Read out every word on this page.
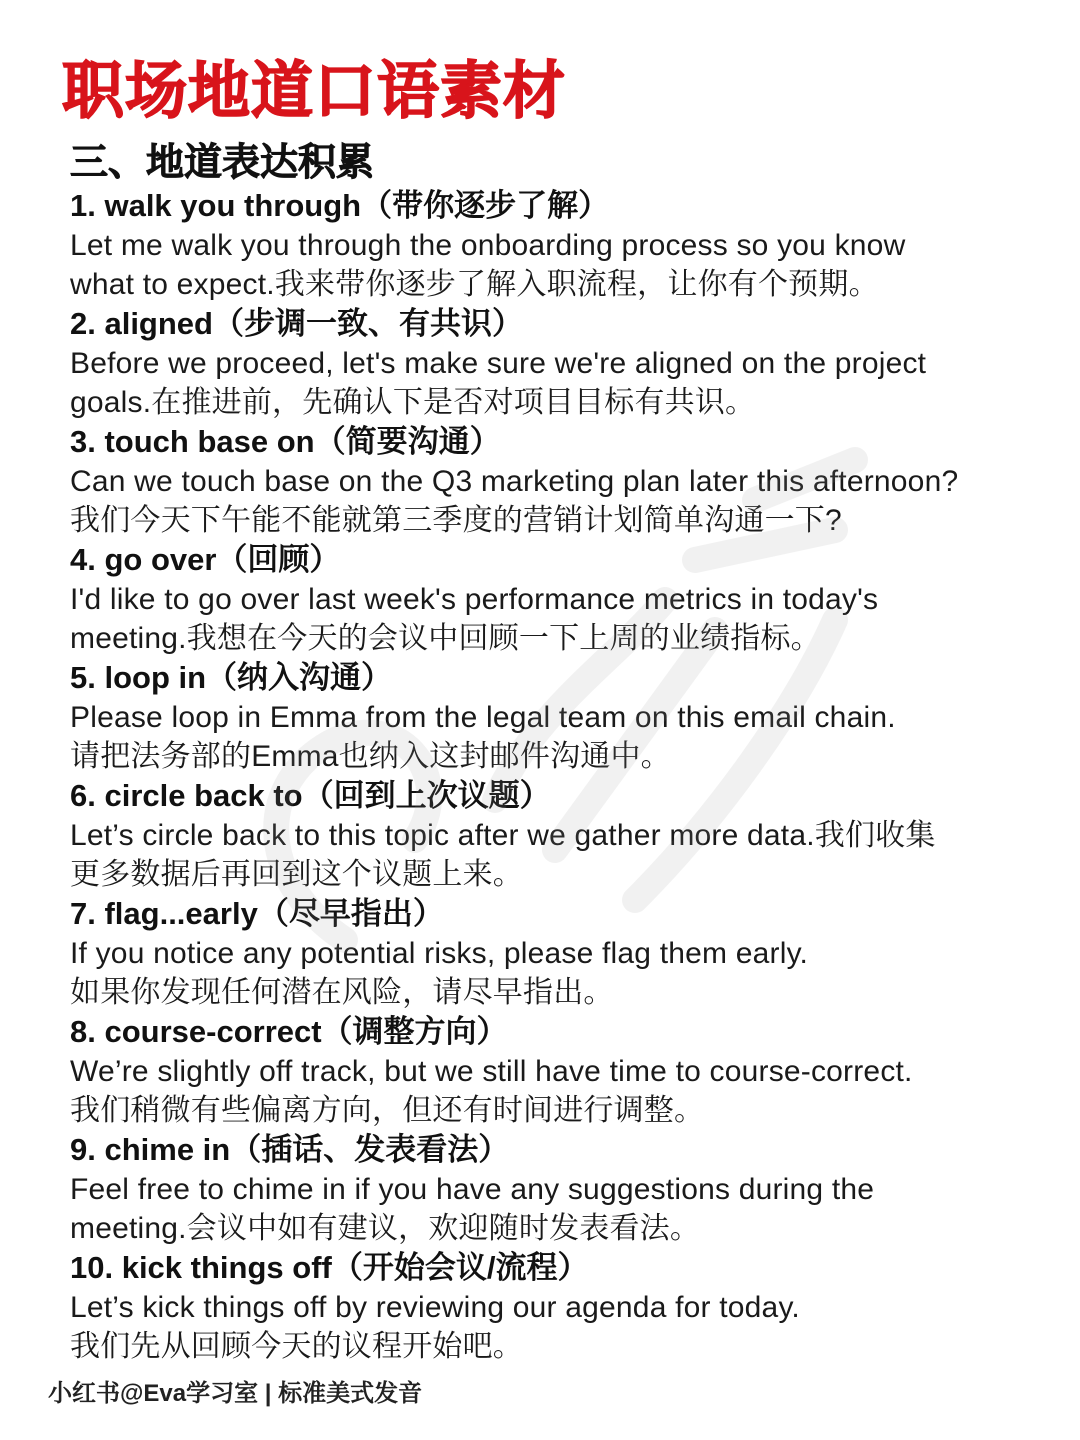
职场地道口语素材
三、地道表达积累
1. walk you through（带你逐步了解）
Let me walk you through the onboarding process so you know
what to expect.我来带你逐步了解入职流程，让你有个预期。
2. aligned（步调一致、有共识）
Before we proceed, let's make sure we're aligned on the project
goals.在推进前，先确认下是否对项目目标有共识。
3. touch base on（简要沟通）
Can we touch base on the Q3 marketing plan later this afternoon?
我们今天下午能不能就第三季度的营销计划简单沟通一下?
4. go over（回顾）
I'd like to go over last week's performance metrics in today's
meeting.我想在今天的会议中回顾一下上周的业绩指标。
5. loop in（纳入沟通）
Please loop in Emma from the legal team on this email chain.
请把法务部的Emma也纳入这封邮件沟通中。
6. circle back to（回到上次议题）
Let’s circle back to this topic after we gather more data.我们收集
更多数据后再回到这个议题上来。
7. flag...early（尽早指出）
If you notice any potential risks, please flag them early.
如果你发现任何潜在风险，请尽早指出。
8. course-correct（调整方向）
We’re slightly off track, but we still have time to course-correct.
我们稍微有些偏离方向，但还有时间进行调整。
9. chime in（插话、发表看法）
Feel free to chime in if you have any suggestions during the
meeting.会议中如有建议，欢迎随时发表看法。
10. kick things off（开始会议/流程）
Let’s kick things off by reviewing our agenda for today.
我们先从回顾今天的议程开始吧。
小红书@Eva学习室 | 标准美式发音
